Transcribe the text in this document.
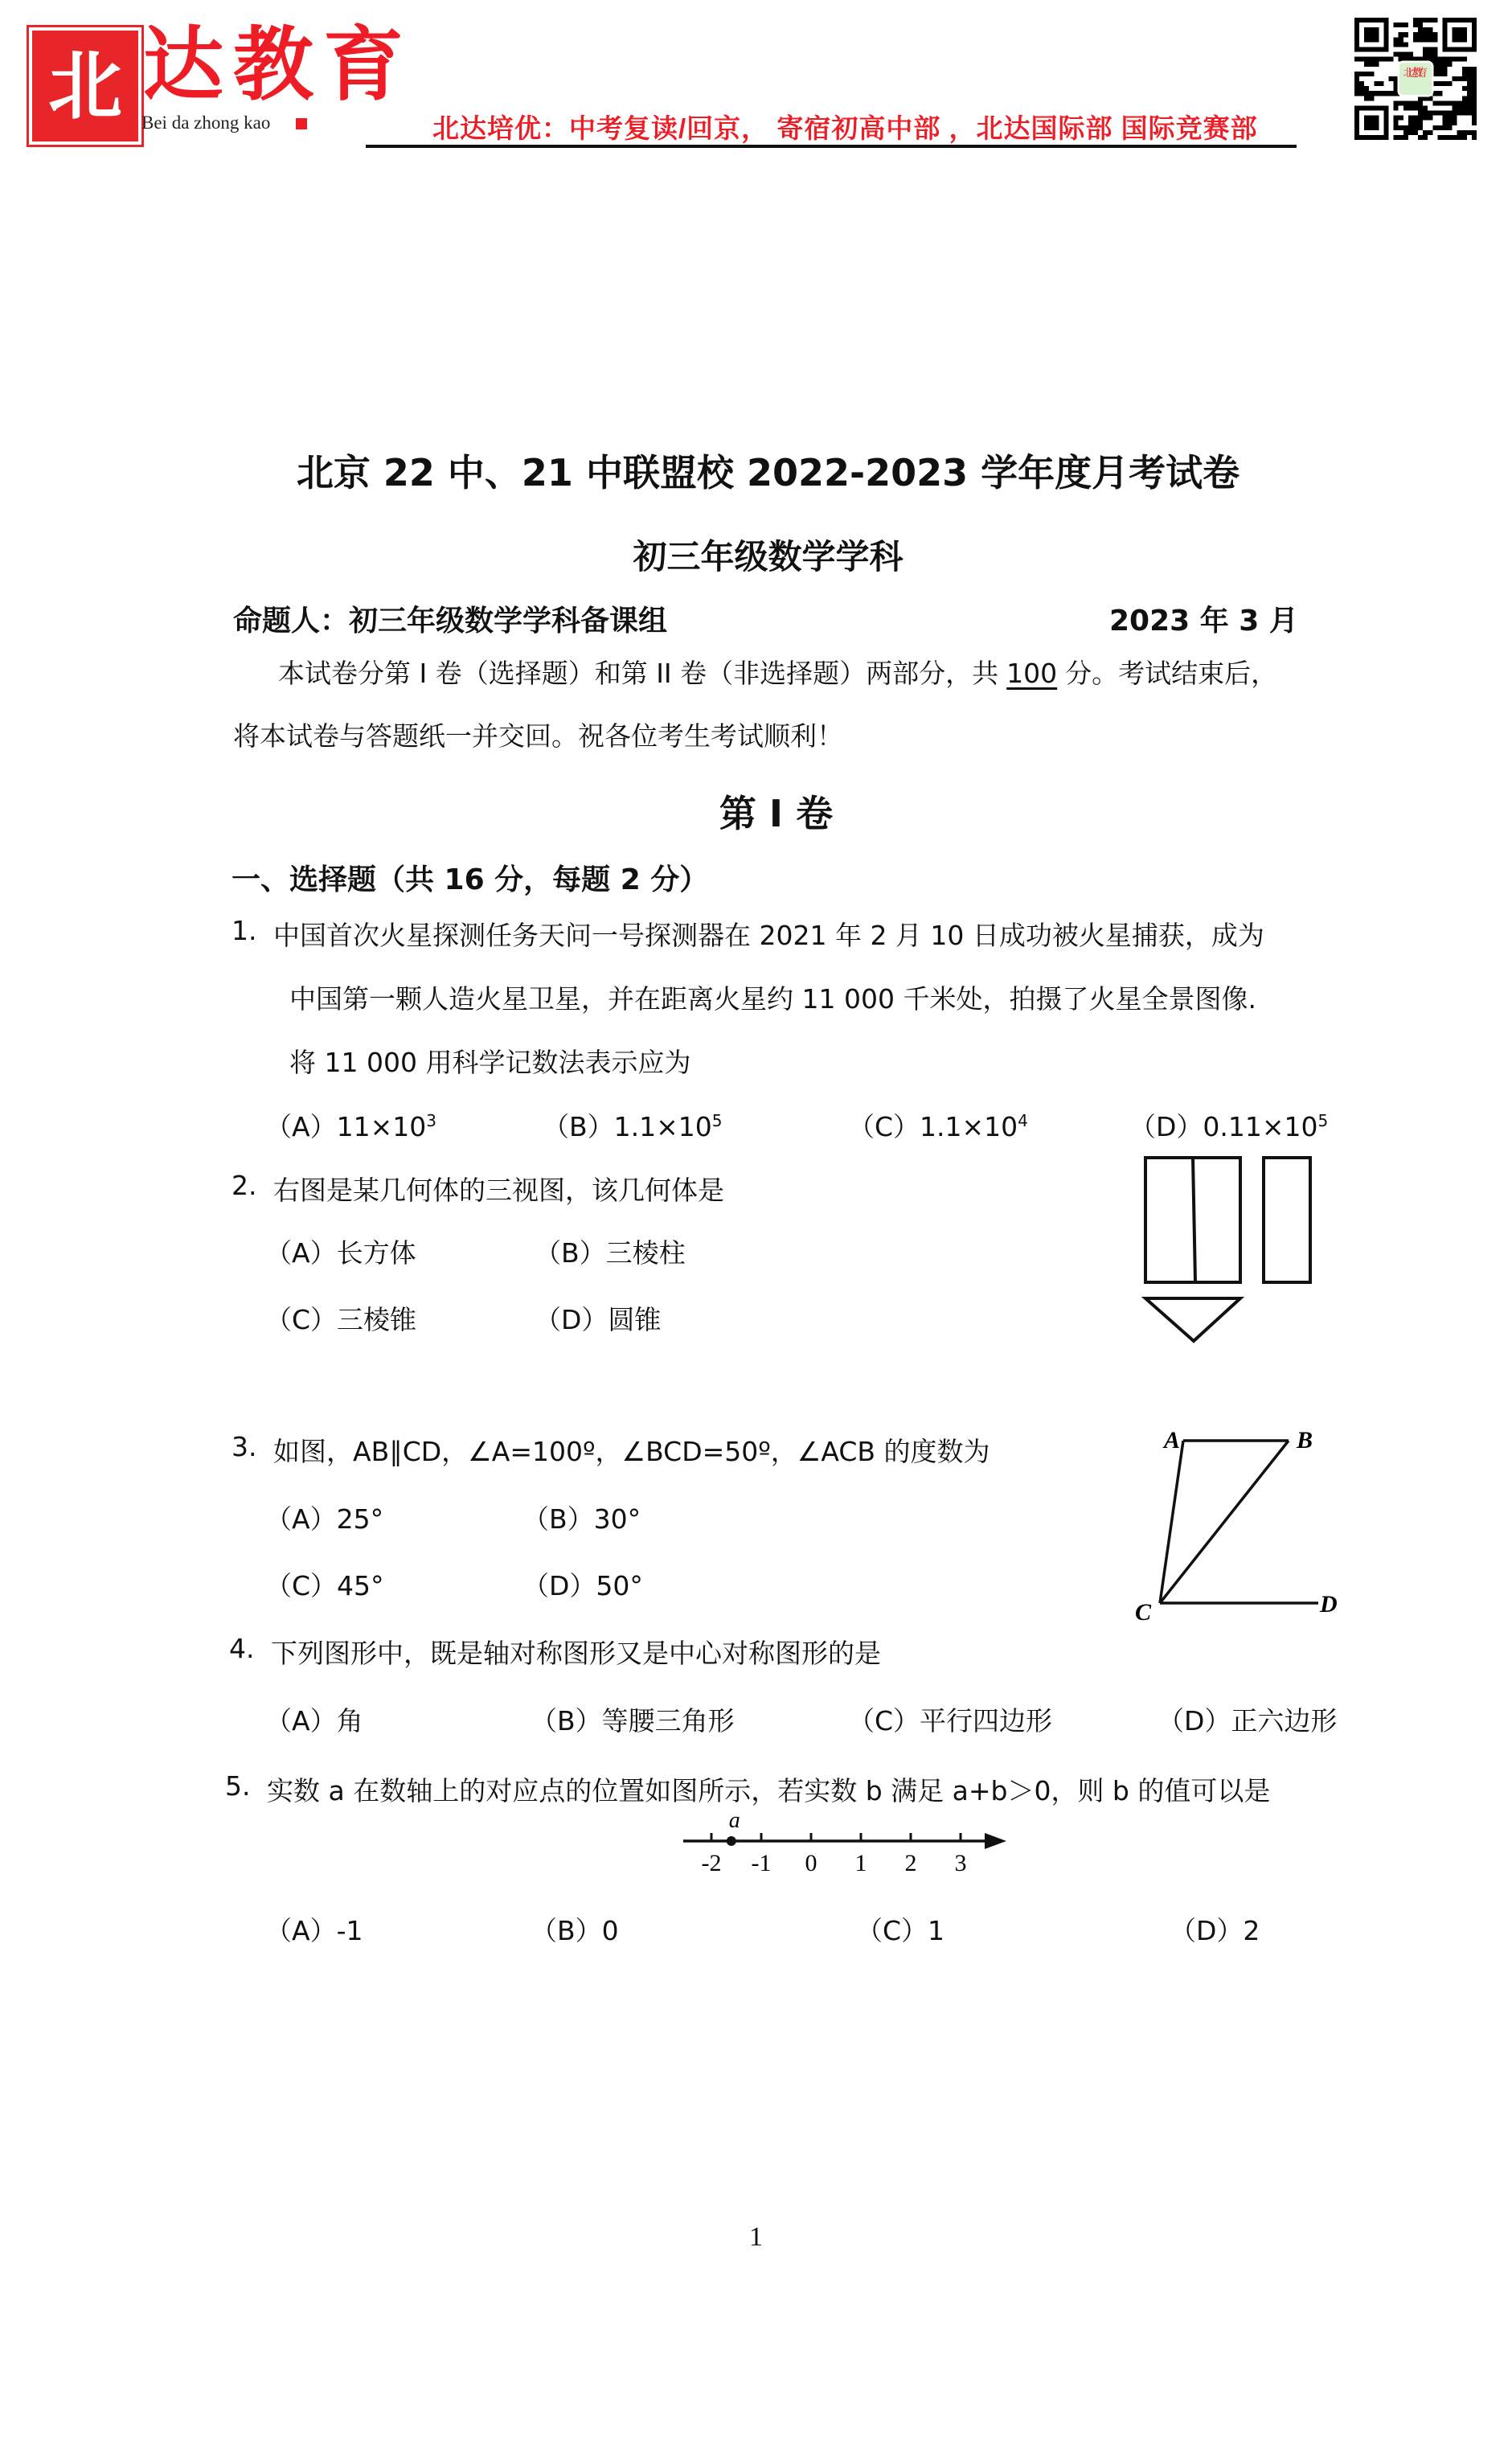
北 达教育
Bei da zhong kao	北达培优：中考复读/回京， 寄宿初高中部 ，北达国际部 国际竞赛部
北达教育
北京 22 中、21 中联盟校 2022-2023 学年度月考试卷
初三年级数学学科
命题人：初三年级数学学科备课组	2023 年 3 月
本试卷分第 I 卷（选择题）和第 II 卷（非选择题）两部分，共 100 分。考试结束后，
将本试卷与答题纸一并交回。祝各位考生考试顺利！
第 I 卷
一、选择题（共 16 分，每题 2 分）
1. 中国首次火星探测任务天问一号探测器在 2021 年 2 月 10 日成功被火星捕获，成为
中国第一颗人造火星卫星，并在距离火星约 11 000 千米处，拍摄了火星全景图像.
将 11 000 用科学记数法表示应为
$(A)11\times 10^3$	$(B)1.1\times 10^5$	$(C)1.1\times 10^4$	$(D)0.11\times 10^5$
2. 右图是某几何体的三视图，该几何体是
（A）长方体	（B）三棱柱
（C）三棱锥	（D）圆锥
3. 如图，AB∥CD，∠A=100º，∠BCD=50º，∠ACB 的度数为
（A）25°	（B）30°
（C）45°	（D）50°
A	B
C	D
4. 下列图形中，既是轴对称图形又是中心对称图形的是
（A）角	（B）等腰三角形	（C）平行四边形	（D）正六边形
5. 实数 a 在数轴上的对应点的位置如图所示，若实数 b 满足 a+b＞0，则 b 的值可以是
-2 -1 0 1 2 3
a
（A）-1	（B）0	（C）1	（D）2
1
